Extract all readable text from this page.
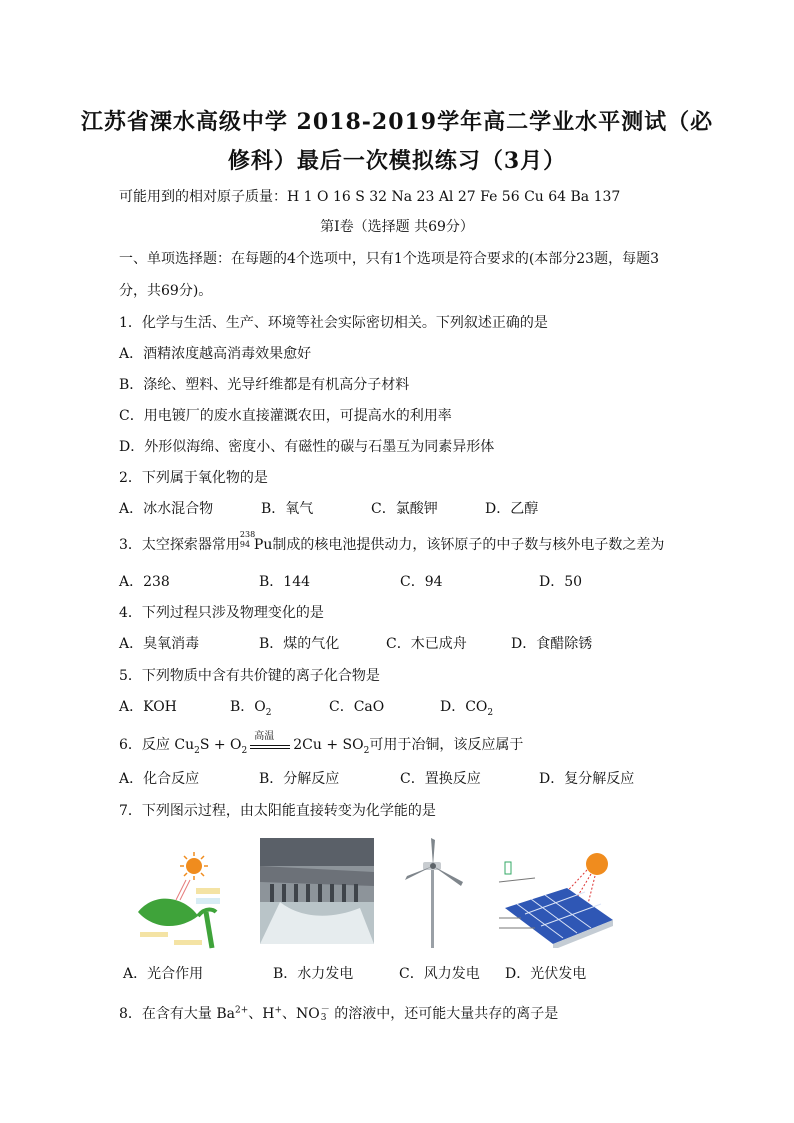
江苏省溧水高级中学 2018-2019学年高二学业水平测试（必
修科）最后一次模拟练习（3月）
可能用到的相对原子质量：H 1 O 16 S 32 Na 23 Al 27 Fe 56 Cu 64 Ba 137
第Ⅰ卷（选择题 共69分）
一、单项选择题：在每题的4个选项中，只有1个选项是符合要求的(本部分23题，每题3
分，共69分)。
1．化学与生活、生产、环境等社会实际密切相关。下列叙述正确的是
A．酒精浓度越高消毒效果愈好
B．涤纶、塑料、光导纤维都是有机高分子材料
C．用电镀厂的废水直接灌溉农田，可提高水的利用率
D．外形似海绵、密度小、有磁性的碳与石墨互为同素异形体
2．下列属于氧化物的是
A．冰水混合物	B．氧气	C．氯酸钾	D．乙醇
3．太空探索器常用
238
94 Pu制成的核电池提供动力，该钚原子的中子数与核外电子数之差为
A．238	B．144	C．94	D．50
4．下列过程只涉及物理变化的是
A．臭氧消毒	B．煤的气化	C．木已成舟	D．食醋除锈
5．下列物质中含有共价键的离子化合物是
A．KOH	B．$O_2$	C．CaO	D．$CO_2$
6．反应 $Cu_2S + O_2$
高温
$2Cu + SO_2$可用于冶铜，该反应属于
A．化合反应	B．分解反应	C．置换反应	D．复分解反应
7．下列图示过程，由太阳能直接转变为化学能的是
A．光合作用	B．水力发电	C．风力发电 D．光伏发电
8．在含有大量 $Ba^{2+}$、H+、NO －
3 的溶液中，还可能大量共存的离子是
